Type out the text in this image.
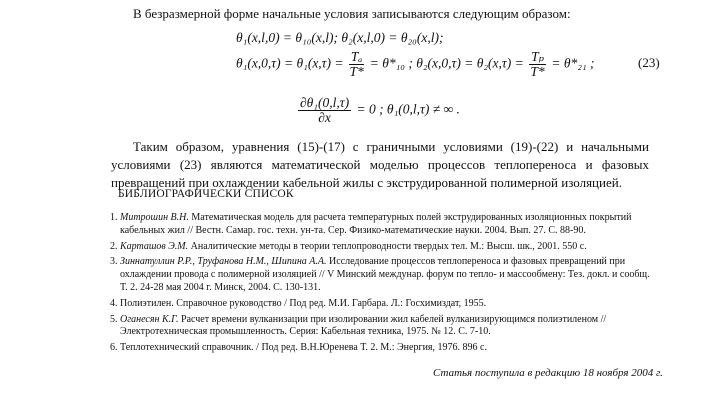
В безразмерной форме начальные условия записываются следующим образом:
θ₁(x,l,0) = θ₁₀(x,l); θ₂(x,l,0) = θ₂₀(x,l);
$\theta_1(x,0,\tau) = \theta_1(x,\tau) = \frac{\text{Tₐ}}{T*} = \theta*_{10}$ ; $\theta_2(x,0,\tau) = \theta_2(x,\tau) = \frac{\text{Tₚ}}{T*} = \theta*_{21}$ ;
$\frac{\text{∂θ₁(0,l,τ)}}{\partial x} = 0$ ; θ₁(0,l,τ) ≠ ∞ .
(23)
Таким образом, уравнения (15)-(17) с граничными условиями (19)-(22) и начальными условиями (23) являются математической моделью процессов теплопереноса и фазовых превращений при охлаждении кабельной жилы с экструдированной полимерной изоляцией.
БИБЛИОГРАФИЧЕСКИ СПИСОК
1. Митрошин В.Н. Математическая модель для расчета температурных полей экструдированных изоляционных покрытий кабельных жил // Вестн. Самар. гос. техн. ун-та. Сер. Физико-математические науки. 2004. Вып. 27. С. 88-90.
2. Карташов Э.М. Аналитические методы в теории теплопроводности твердых тел. М.: Высш. шк., 2001. 550 с.
3. Зиннатуллин Р.Р., Труфанова Н.М., Шипина А.А. Исследование процессов теплопереноса и фазовых превращений при охлаждении провода с полимерной изоляцией // V Минский междунар. форум по тепло- и массообмену: Тез. докл. и сообщ. Т. 2. 24-28 мая 2004 г. Минск, 2004. С. 130-131.
4. Полиэтилен. Справочное руководство / Под ред. М.И. Гарбара. Л.: Госхимиздат, 1955.
5. Оганесян К.Г. Расчет времени вулканизации при изолировании жил кабелей вулканизирующимся полиэтиленом // Электротехническая промышленность. Серия: Кабельная техника, 1975. № 12. С. 7-10.
6. Теплотехнический справочник. / Под ред. В.Н.Юренева Т. 2. М.: Энергия, 1976. 896 с.
Статья поступила в редакцию 18 ноября 2004 г.
